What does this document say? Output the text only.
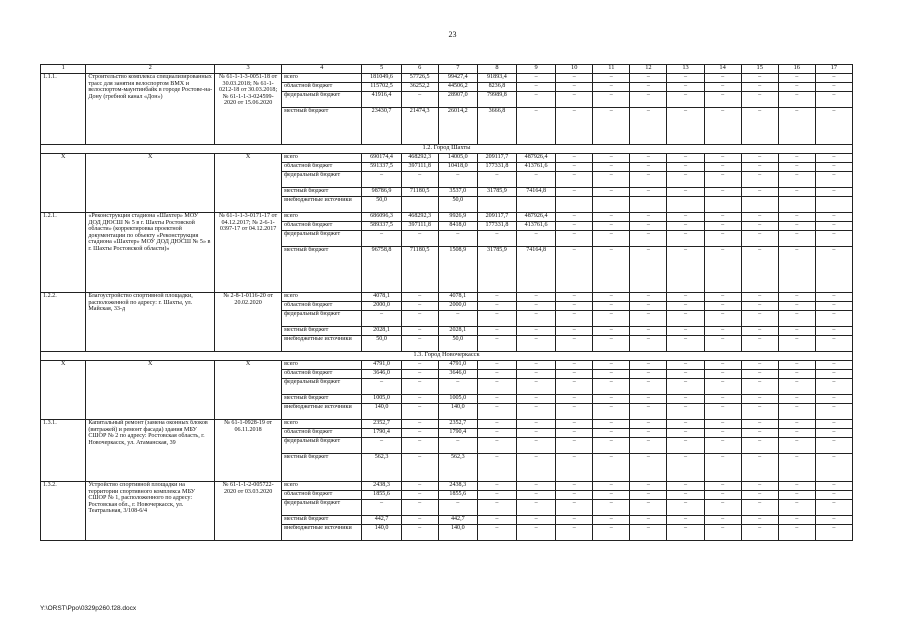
23
1	2	3	4	5	6	7	8	9	10	11	12	13	14	15	16	17
1.1.1.	Строительство комплекса специализированных трасс для занятия велоспортом ВМХ и велоспортом-маунтинбайк в городе Ростове-на-Дону (гребной канал «Дон»)	№ 61-1-1-3-0051-18 от 30.03.2018; № 61-1-0212-18 от 30.03.2018; № 61-1-1-3-024599-2020 от 15.06.2020	всего	181049,6	57726,5	99427,4	91893,4	–	–	–	–	–	–	–	–	–
			областной бюджет	115702,5	36252,2	44506,2	8236,8	–	–	–	–	–	–	–	–	–
			федеральный бюджет	41916,4	–	28907,0	79989,8	–	–	–	–	–	–	–	–	–
			местный бюджет	23430,7	21474,3	26014,2	3666,8	–	–	–	–	–	–	–	–	–
1.2. Город Шахты																
X	X	X	всего	690174,4	468292,3	14005,0	209117,7	487926,4	–	–	–	–	–	–	–	–
			областной бюджет	591337,5	397111,8	10418,0	177331,8	413761,6	–	–	–	–	–	–	–	–
			федеральный бюджет	–	–	–	–	–	–	–	–	–	–	–	–	–
			местный бюджет	98786,9	71180,5	3537,0	31785,9	74164,8	–	–	–	–	–	–	–	–
			внебюджетные источники	50,0		50,0										
1.2.1.	«Реконструкция стадиона «Шахтер» МОУ ДОД ДЮСШ № 5 в г. Шахты Ростовской области» (корректировка проектной документации по объекту «Реконструкция стадиона «Шахтер» МОУ ДОД ДЮСШ № 5» в г. Шахты Ростовской области)»	№ 61-1-1-3-0171-17 от 04.12.2017; № 2-6-1-0397-17 от 04.12.2017	всего	686096,3	468292,3	9926,9	209117,7	487926,4	–	–	–	–	–	–	–	–
			областной бюджет	589337,5	397111,8	8418,0	177331,8	413761,6	–	–	–	–	–	–	–	–
			федеральный бюджет	–	–	–	–	–	–	–	–	–	–	–	–	–
			местный бюджет	96758,8	71180,5	1508,9	31785,9	74164,8	–	–	–	–	–	–	–	–
1.2.2.	Благоустройство спортивной площадки, расположенной по адресу: г. Шахты, ул. Майская, 33-д	№ 2-8-1-0116-20 от 20.02.2020	всего	4078,1	–	4078,1	–	–	–	–	–	–	–	–	–	–
			областной бюджет	2000,0	–	2000,0	–	–	–	–	–	–	–	–	–	–
			федеральный бюджет	–	–	–	–	–	–	–	–	–	–	–	–	–
			местный бюджет	2028,1	–	2028,1	–	–	–	–	–	–	–	–	–	–
			внебюджетные источники	50,0	–	50,0	–	–	–	–	–	–	–	–	–	–
1.3. Город Новочеркасск																
X	X	X	всего	4791,0	–	4791,0	–	–	–	–	–	–	–	–	–	–
			областной бюджет	3646,0	–	3646,0	–	–	–	–	–	–	–	–	–	–
			федеральный бюджет	–	–	–	–	–	–	–	–	–	–	–	–	–
			местный бюджет	1005,0	–	1005,0	–	–	–	–	–	–	–	–	–	–
			внебюджетные источники	140,0	–	140,0	–	–	–	–	–	–	–	–	–	–
1.3.1.	Капитальный ремонт (замена оконных блоков (витражей) и ремонт фасада) здания МБУ СШОР № 2 по адресу: Ростовская область, г. Новочеркасск, ул. Атаманская, 39	№ 61-1-0928-19 от 06.11.2018	всего	2352,7	–	2352,7	–	–	–	–	–	–	–	–	–	–
			областной бюджет	1790,4	–	1790,4	–	–	–	–	–	–	–	–	–	–
			федеральный бюджет	–	–	–	–	–	–	–	–	–	–	–	–	–
			местный бюджет	562,3	–	562,3	–	–	–	–	–	–	–	–	–	–
1.3.2.	Устройство спортивной площадки на территории спортивного комплекса МБУ СШОР № 1, расположенного по адресу: Ростовская обл., г. Новочеркасск, ул. Театральная, 3/108-6/4	№ 61-1-1-2-005722-2020 от 03.03.2020	всего	2438,3	–	2438,3	–	–	–	–	–	–	–	–	–	–
			областной бюджет	1855,6	–	1855,6	–	–	–	–	–	–	–	–	–	–
			федеральный бюджет	–	–	–	–	–	–	–	–	–	–	–	–	–
			местный бюджет	442,7	–	442,7	–	–	–	–	–	–	–	–	–	–
			внебюджетные источники	140,0	–	140,0	–	–	–	–	–	–	–	–	–	–
Y:\ORST\Ppo\0329p260.f28.docx
